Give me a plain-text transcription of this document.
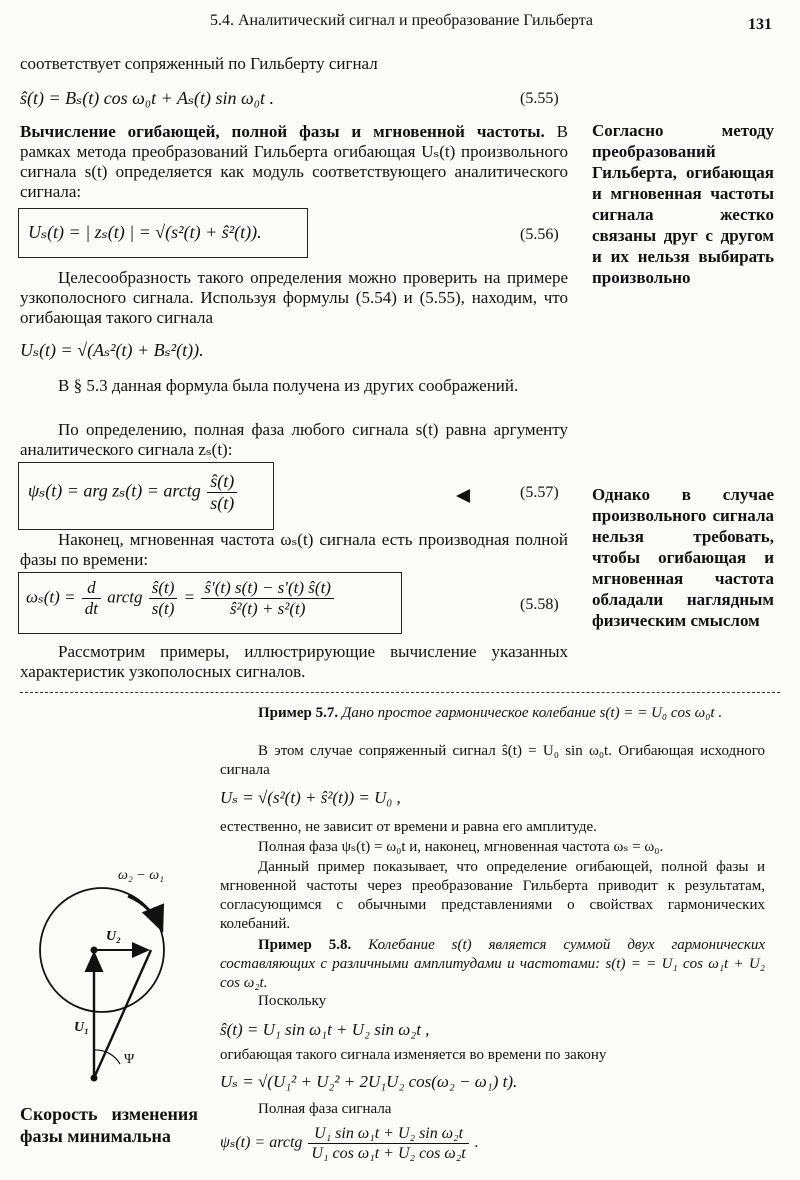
5.4. Аналитический сигнал и преобразование Гильберта	131
соответствует сопряженный по Гильберту сигнал
ŝ(t) = Bₛ(t) cos ω₀t + Aₛ(t) sin ω₀t .	(5.55)
Вычисление огибающей, полной фазы и мгновенной частоты. В рамках метода преобразований Гильберта огибающая Uₛ(t) произвольного сигнала s(t) определяется как модуль соответствующего аналитического сигнала:
Uₛ(t) = | zₛ(t) | = √(s²(t) + ŝ²(t)).	(5.56)
Целесообразность такого определения можно проверить на примере узкополосного сигнала. Используя формулы (5.54) и (5.55), находим, что огибающая такого сигнала
Uₛ(t) = √(Aₛ²(t) + Bₛ²(t)).
В § 5.3 данная формула была получена из других соображений.
По определению, полная фаза любого сигнала s(t) равна аргументу аналитического сигнала zₛ(t):
ψₛ(t) = arg zₛ(t) = arctg $\frac{ŝ(t)}{s(t)}$	(5.57)
Наконец, мгновенная частота ωₛ(t) сигнала есть производная полной фазы по времени:
$\omega_s(t) = \frac{d}{dt}$ arctg $\frac{ŝ(t)}{s(t)} = \frac{ŝ'(t) s(t) - s'(t) ŝ(t)}{\text{ŝ²(t) + s²(t)}}$	(5.58)
Рассмотрим примеры, иллюстрирующие вычисление указанных характеристик узкополосных сигналов.
Согласно методу преобразований Гильберта, огибающая и мгновенная частоты сигнала жестко связаны друг с другом и их нельзя выбирать произвольно
Однако в случае произвольного сигнала нельзя требовать, чтобы огибающая и мгновенная частота обладали наглядным физическим смыслом
Пример 5.7. Дано простое гармоническое колебание s(t) = = U₀ cos ω₀t .
В этом случае сопряженный сигнал ŝ(t) = U₀ sin ω₀t. Огибающая исходного сигнала
Uₛ = √(s²(t) + ŝ²(t)) = U₀ ,
естественно, не зависит от времени и равна его амплитуде.
Полная фаза ψₛ(t) = ω₀t и, наконец, мгновенная частота ωₛ = ω₀.
Данный пример показывает, что определение огибающей, полной фазы и мгновенной частоты через преобразование Гильберта приводит к результатам, согласующимся с обычными представлениями о свойствах гармонических колебаний.
Пример 5.8. Колебание s(t) является суммой двух гармонических составляющих с различными амплитудами и частотами: s(t) = = U₁ cos ω₁t + U₂ cos ω₂t.
Поскольку
ŝ(t) = U₁ sin ω₁t + U₂ sin ω₂t ,
огибающая такого сигнала изменяется во времени по закону
Uₛ = √(U₁² + U₂² + 2U₁U₂ cos(ω₂ − ω₁) t).
Полная фаза сигнала
ψₛ(t) = arctg $\frac{\text{U₁ sin ω₁t + U₂ sin ω₂t}}{\text{U₁ cos ω₁t + U₂ cos ω₂t}}$ .
ω₂ − ω₁
U₂
U₁
Ψ
Скорость изменения фазы минимальна
